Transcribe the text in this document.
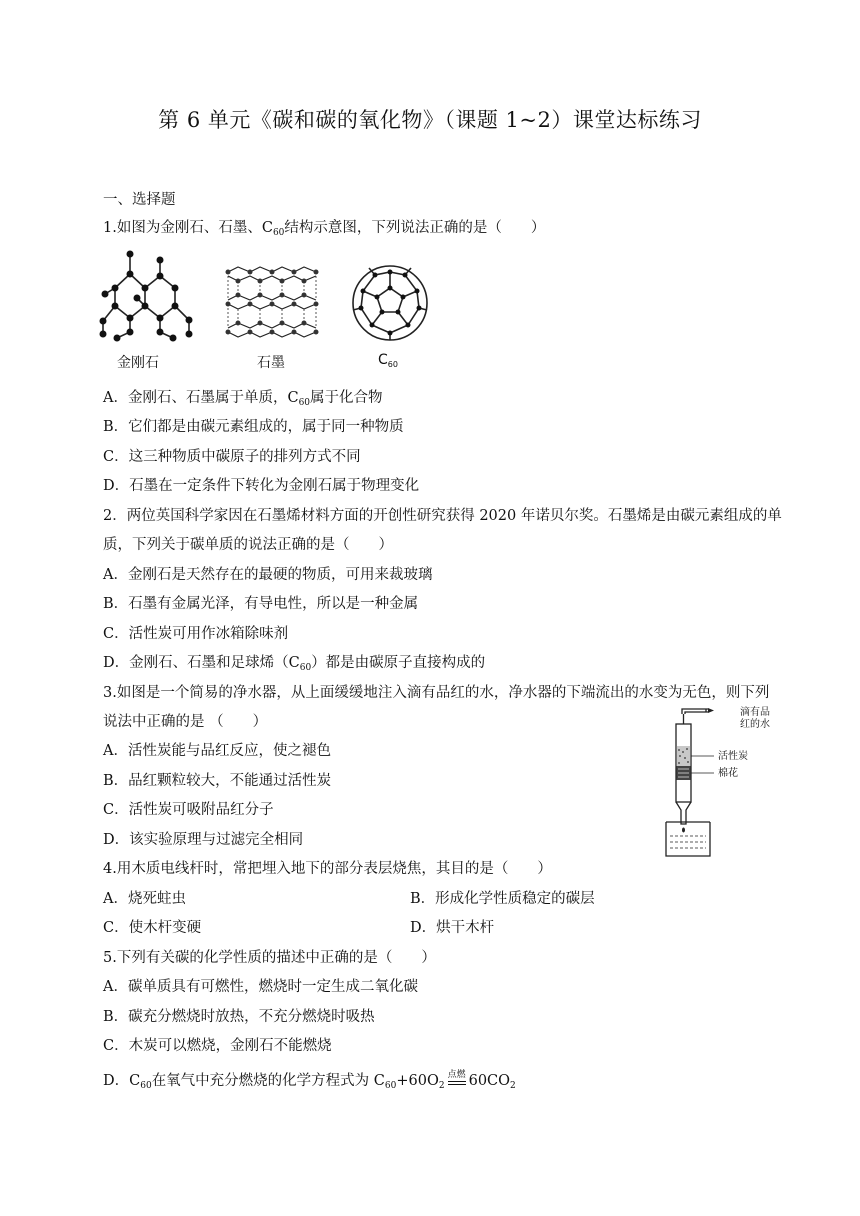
第 6 单元《碳和碳的氧化物》（课题 1~2）课堂达标练习
一、选择题
1.如图为金刚石、石墨、$C_{60}$结构示意图，下列说法正确的是（　　）
金刚石	石墨	$C_{60}$
A．金刚石、石墨属于单质，$C_{60}$属于化合物
B．它们都是由碳元素组成的，属于同一种物质
C．这三种物质中碳原子的排列方式不同
D．石墨在一定条件下转化为金刚石属于物理变化
2．两位英国科学家因在石墨烯材料方面的开创性研究获得 2020 年诺贝尔奖。石墨烯是由碳元素组成的单
质，下列关于碳单质的说法正确的是（　　）
A．金刚石是天然存在的最硬的物质，可用来裁玻璃
B．石墨有金属光泽，有导电性，所以是一种金属
C．活性炭可用作冰箱除味剂
D．金刚石、石墨和足球烯$(C_{60})$都是由碳原子直接构成的
3.如图是一个简易的净水器，从上面缓缓地注入滴有品红的水，净水器的下端流出的水变为无色，则下列
说法中正确的是 （　　）
A．活性炭能与品红反应，使之褪色
B．品红颗粒较大，不能通过活性炭
C．活性炭可吸附品红分子
D．该实验原理与过滤完全相同
滴有品
红的水
活性炭
棉花
4.用木质电线杆时，常把埋入地下的部分表层烧焦，其目的是（　　）
A．烧死蛀虫	B．形成化学性质稳定的碳层
C．使木杆变硬	D．烘干木杆
5.下列有关碳的化学性质的描述中正确的是（　　）
A．碳单质具有可燃性，燃烧时一定生成二氧化碳
B．碳充分燃烧时放热，不充分燃烧时吸热
C．木炭可以燃烧，金刚石不能燃烧
D．$C_{60}$在氧气中充分燃烧的化学方程式为 $C_{60}+60O_2$
点燃 $60CO_2$
